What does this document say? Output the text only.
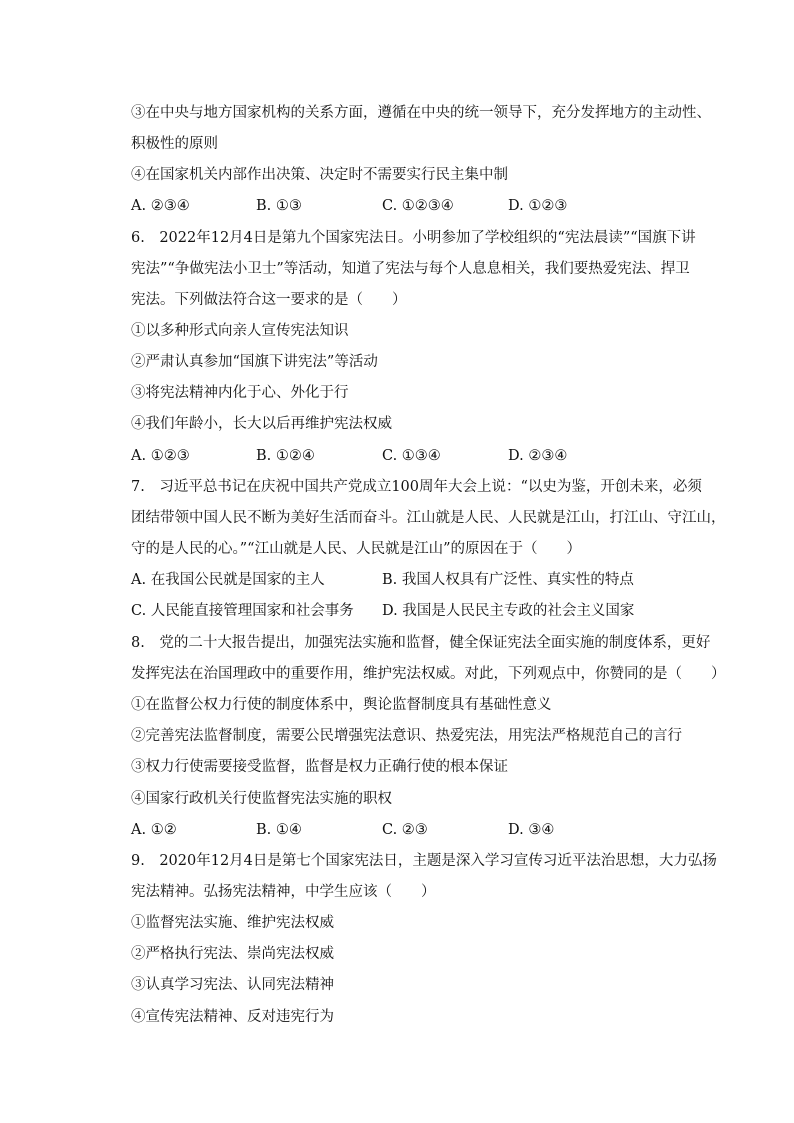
③在中央与地方国家机构的关系方面，遵循在中央的统一领导下，充分发挥地方的主动性、
积极性的原则
④在国家机关内部作出决策、决定时不需要实行民主集中制
A. ②③④	B. ①③	C. ①②③④	D. ①②③
6.　2022年12月4日是第九个国家宪法日。小明参加了学校组织的“宪法晨读”“国旗下讲
宪法”“争做宪法小卫士”等活动，知道了宪法与每个人息息相关，我们要热爱宪法、捍卫
宪法。下列做法符合这一要求的是（　　）
①以多种形式向亲人宣传宪法知识
②严肃认真参加“国旗下讲宪法”等活动
③将宪法精神内化于心、外化于行
④我们年龄小，长大以后再维护宪法权威
A. ①②③	B. ①②④	C. ①③④	D. ②③④
7.　习近平总书记在庆祝中国共产党成立100周年大会上说：“以史为鉴，开创未来，必须
团结带领中国人民不断为美好生活而奋斗。江山就是人民、人民就是江山，打江山、守江山，
守的是人民的心。”“江山就是人民、人民就是江山”的原因在于（　　）
A. 在我国公民就是国家的主人	B. 我国人权具有广泛性、真实性的特点
C. 人民能直接管理国家和社会事务 D. 我国是人民民主专政的社会主义国家
8.　党的二十大报告提出，加强宪法实施和监督，健全保证宪法全面实施的制度体系，更好
发挥宪法在治国理政中的重要作用，维护宪法权威。对此，下列观点中，你赞同的是（　　）
①在监督公权力行使的制度体系中，舆论监督制度具有基础性意义
②完善宪法监督制度，需要公民增强宪法意识、热爱宪法，用宪法严格规范自己的言行
③权力行使需要接受监督，监督是权力正确行使的根本保证
④国家行政机关行使监督宪法实施的职权
A. ①②	B. ①④	C. ②③	D. ③④
9.　2020年12月4日是第七个国家宪法日，主题是深入学习宣传习近平法治思想，大力弘扬
宪法精神。弘扬宪法精神，中学生应该（　　）
①监督宪法实施、维护宪法权威
②严格执行宪法、崇尚宪法权威
③认真学习宪法、认同宪法精神
④宣传宪法精神、反对违宪行为
